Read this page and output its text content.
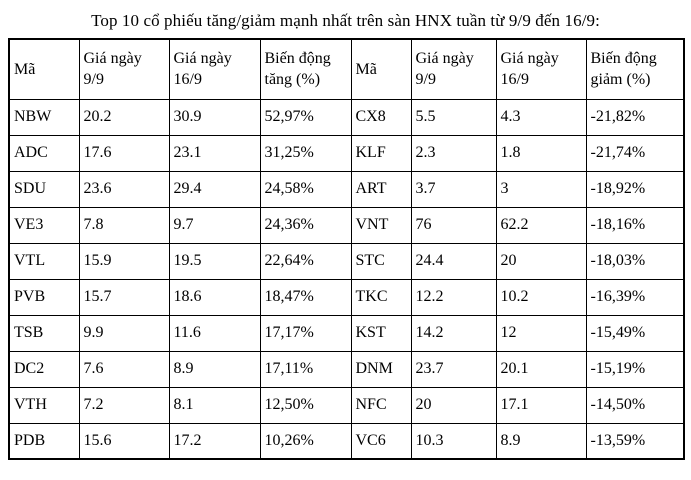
Top 10 cổ phiếu tăng/giảm mạnh nhất trên sàn HNX tuần từ 9/9 đến 16/9:
Mã	Giá ngày 9/9	Giá ngày 16/9	Biến động tăng (%)	Mã	Giá ngày 9/9	Giá ngày 16/9	Biến động giảm (%)
NBW	20.2	30.9	52,97%	CX8	5.5	4.3	-21,82%
ADC	17.6	23.1	31,25%	KLF	2.3	1.8	-21,74%
SDU	23.6	29.4	24,58%	ART	3.7	3	-18,92%
VE3	7.8	9.7	24,36%	VNT	76	62.2	-18,16%
VTL	15.9	19.5	22,64%	STC	24.4	20	-18,03%
PVB	15.7	18.6	18,47%	TKC	12.2	10.2	-16,39%
TSB	9.9	11.6	17,17%	KST	14.2	12	-15,49%
DC2	7.6	8.9	17,11%	DNM	23.7	20.1	-15,19%
VTH	7.2	8.1	12,50%	NFC	20	17.1	-14,50%
PDB	15.6	17.2	10,26%	VC6	10.3	8.9	-13,59%
